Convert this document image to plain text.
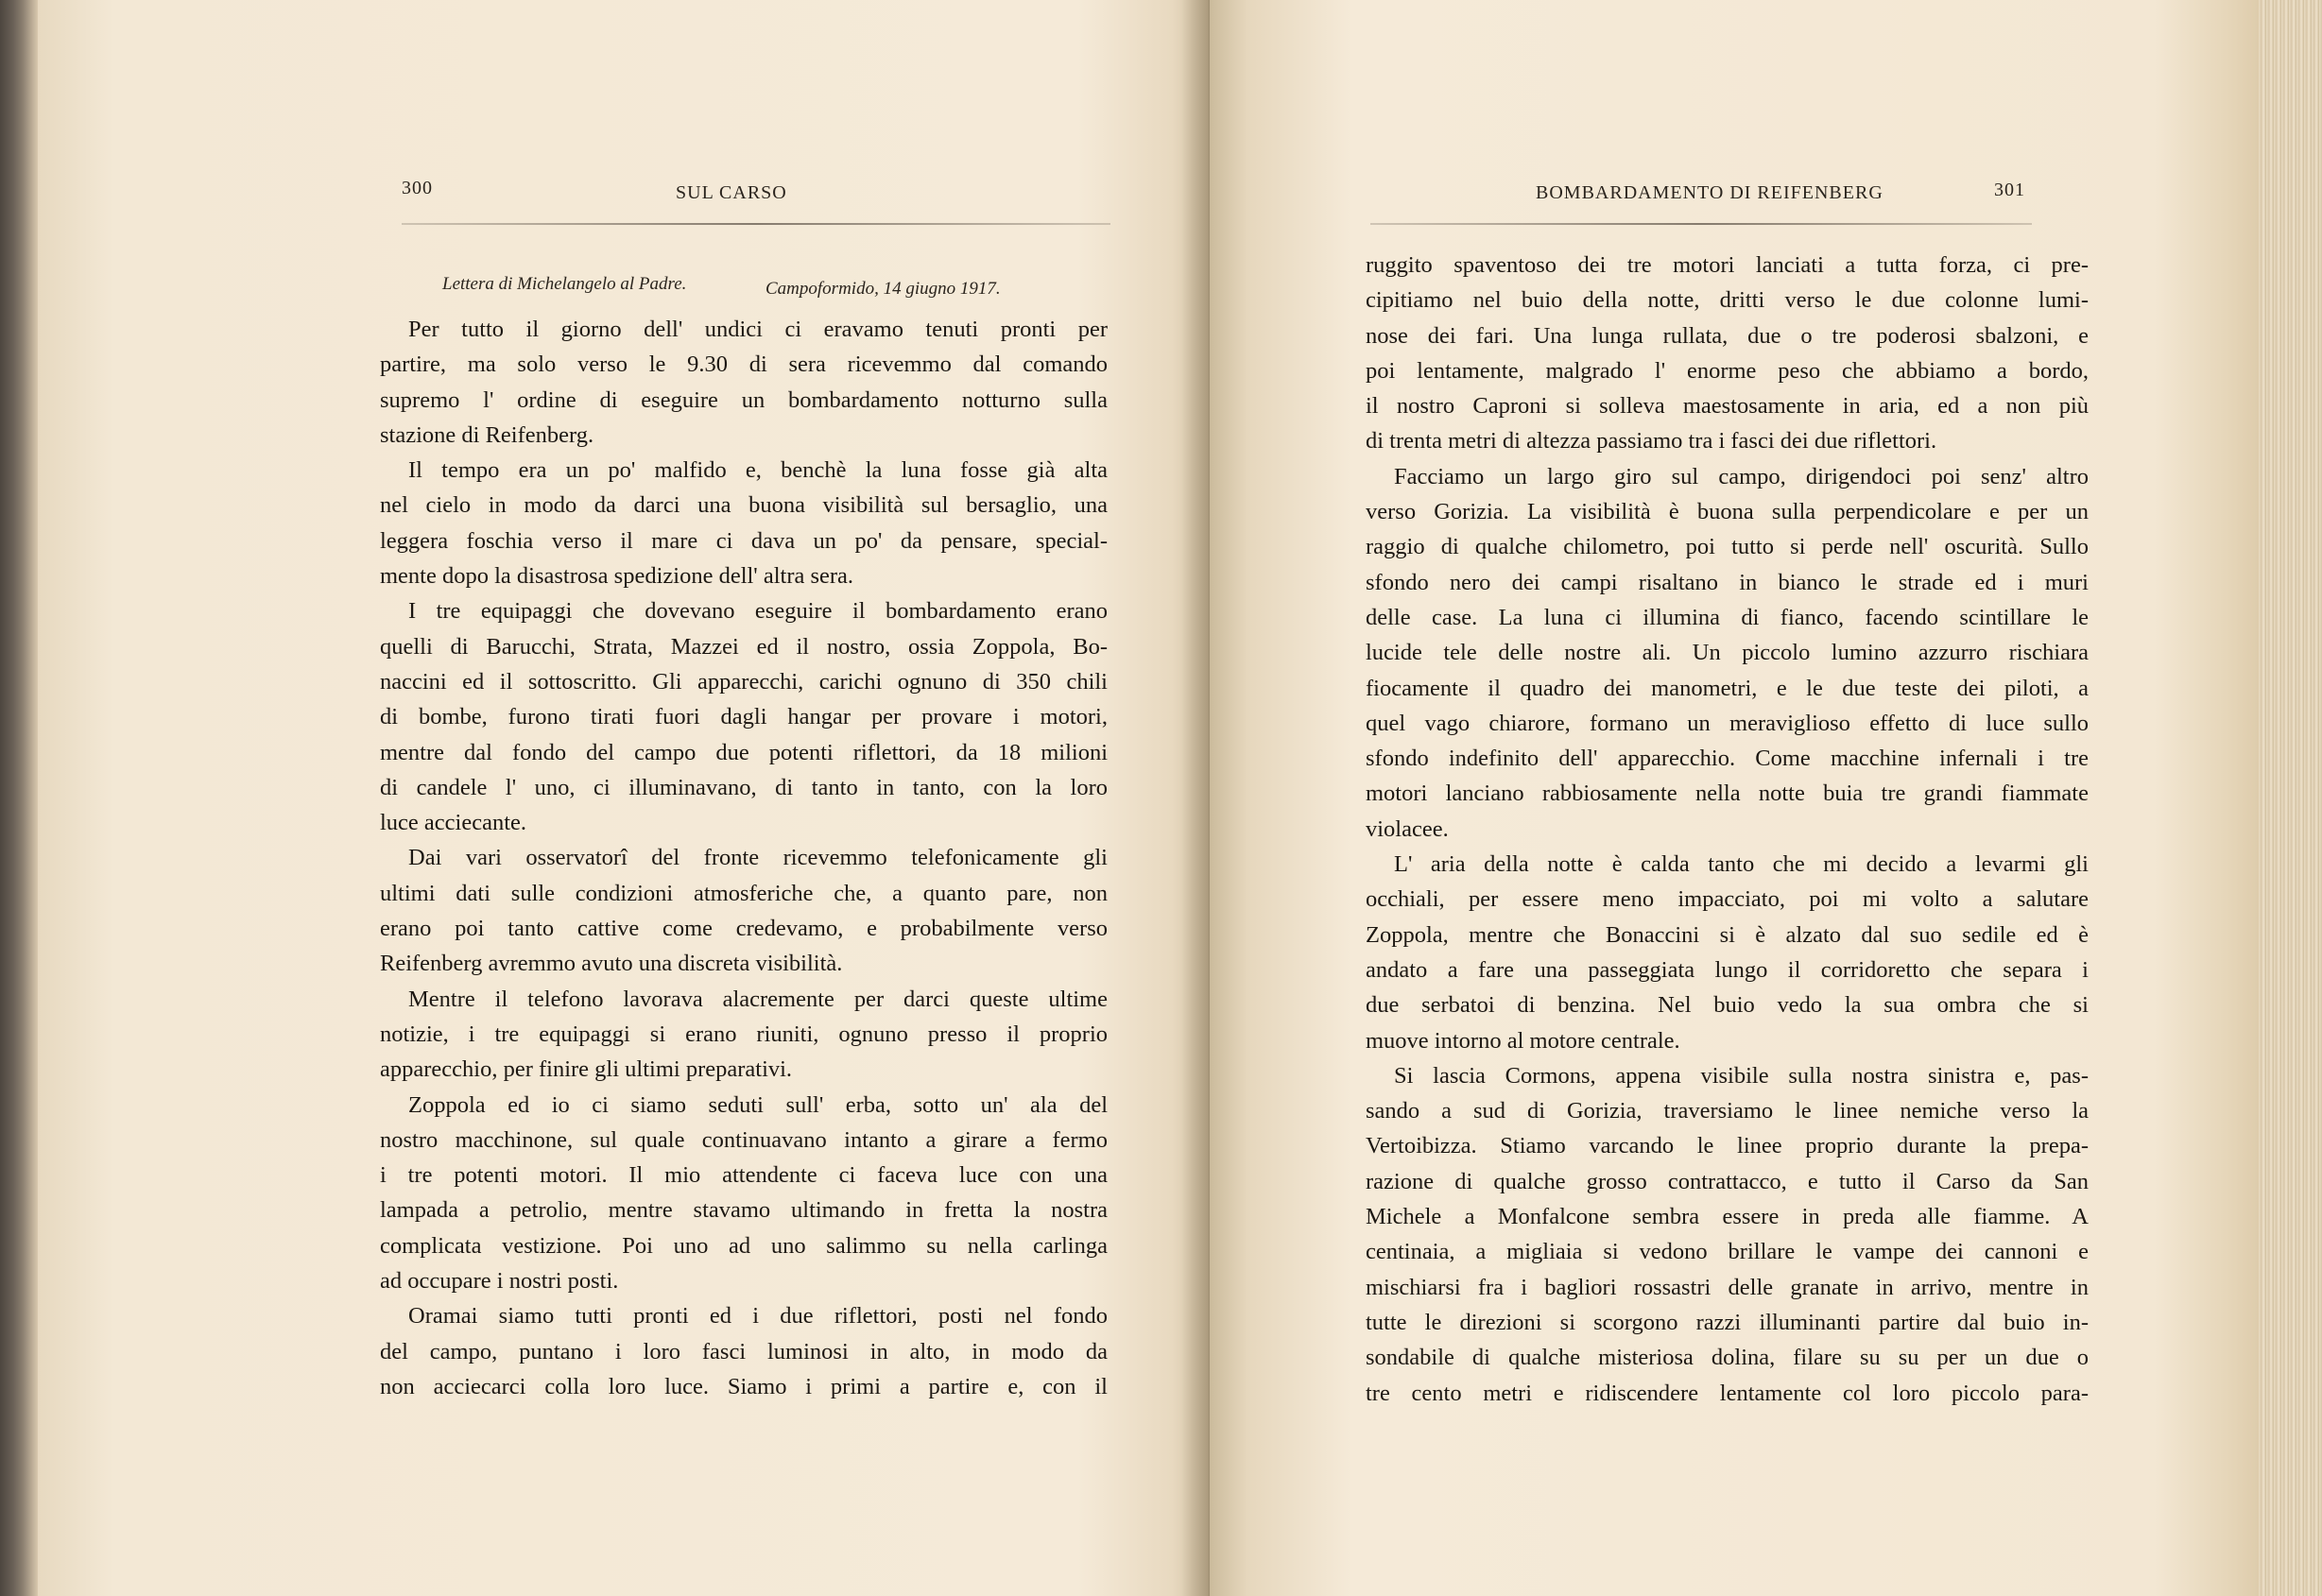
300	SUL CARSO
Lettera di Michelangelo al Padre.	Campoformido, 14 giugno 1917.
Per tutto il giorno dell' undici ci eravamo tenuti pronti per
partire, ma solo verso le 9.30 di sera ricevemmo dal comando
supremo l' ordine di eseguire un bombardamento notturno sulla
stazione di Reifenberg.
Il tempo era un po' malfido e, benchè la luna fosse già alta
nel cielo in modo da darci una buona visibilità sul bersaglio, una
leggera foschia verso il mare ci dava un po' da pensare, special-
mente dopo la disastrosa spedizione dell' altra sera.
I tre equipaggi che dovevano eseguire il bombardamento erano
quelli di Barucchi, Strata, Mazzei ed il nostro, ossia Zoppola, Bo-
naccini ed il sottoscritto. Gli apparecchi, carichi ognuno di 350 chili
di bombe, furono tirati fuori dagli hangar per provare i motori,
mentre dal fondo del campo due potenti riflettori, da 18 milioni
di candele l' uno, ci illuminavano, di tanto in tanto, con la loro
luce acciecante.
Dai vari osservatorî del fronte ricevemmo telefonicamente gli
ultimi dati sulle condizioni atmosferiche che, a quanto pare, non
erano poi tanto cattive come credevamo, e probabilmente verso
Reifenberg avremmo avuto una discreta visibilità.
Mentre il telefono lavorava alacremente per darci queste ultime
notizie, i tre equipaggi si erano riuniti, ognuno presso il proprio
apparecchio, per finire gli ultimi preparativi.
Zoppola ed io ci siamo seduti sull' erba, sotto un' ala del
nostro macchinone, sul quale continuavano intanto a girare a fermo
i tre potenti motori. Il mio attendente ci faceva luce con una
lampada a petrolio, mentre stavamo ultimando in fretta la nostra
complicata vestizione. Poi uno ad uno salimmo su nella carlinga
ad occupare i nostri posti.
Oramai siamo tutti pronti ed i due riflettori, posti nel fondo
del campo, puntano i loro fasci luminosi in alto, in modo da
non acciecarci colla loro luce. Siamo i primi a partire e, con il
BOMBARDAMENTO DI REIFENBERG	301
ruggito spaventoso dei tre motori lanciati a tutta forza, ci pre-
cipitiamo nel buio della notte, dritti verso le due colonne lumi-
nose dei fari. Una lunga rullata, due o tre poderosi sbalzoni, e
poi lentamente, malgrado l' enorme peso che abbiamo a bordo,
il nostro Caproni si solleva maestosamente in aria, ed a non più
di trenta metri di altezza passiamo tra i fasci dei due riflettori.
Facciamo un largo giro sul campo, dirigendoci poi senz' altro
verso Gorizia. La visibilità è buona sulla perpendicolare e per un
raggio di qualche chilometro, poi tutto si perde nell' oscurità. Sullo
sfondo nero dei campi risaltano in bianco le strade ed i muri
delle case. La luna ci illumina di fianco, facendo scintillare le
lucide tele delle nostre ali. Un piccolo lumino azzurro rischiara
fiocamente il quadro dei manometri, e le due teste dei piloti, a
quel vago chiarore, formano un meraviglioso effetto di luce sullo
sfondo indefinito dell' apparecchio. Come macchine infernali i tre
motori lanciano rabbiosamente nella notte buia tre grandi fiammate
violacee.
L' aria della notte è calda tanto che mi decido a levarmi gli
occhiali, per essere meno impacciato, poi mi volto a salutare
Zoppola, mentre che Bonaccini si è alzato dal suo sedile ed è
andato a fare una passeggiata lungo il corridoretto che separa i
due serbatoi di benzina. Nel buio vedo la sua ombra che si
muove intorno al motore centrale.
Si lascia Cormons, appena visibile sulla nostra sinistra e, pas-
sando a sud di Gorizia, traversiamo le linee nemiche verso la
Vertoibizza. Stiamo varcando le linee proprio durante la prepa-
razione di qualche grosso contrattacco, e tutto il Carso da San
Michele a Monfalcone sembra essere in preda alle fiamme. A
centinaia, a migliaia si vedono brillare le vampe dei cannoni e
mischiarsi fra i bagliori rossastri delle granate in arrivo, mentre in
tutte le direzioni si scorgono razzi illuminanti partire dal buio in-
sondabile di qualche misteriosa dolina, filare su su per un due o
tre cento metri e ridiscendere lentamente col loro piccolo para-
